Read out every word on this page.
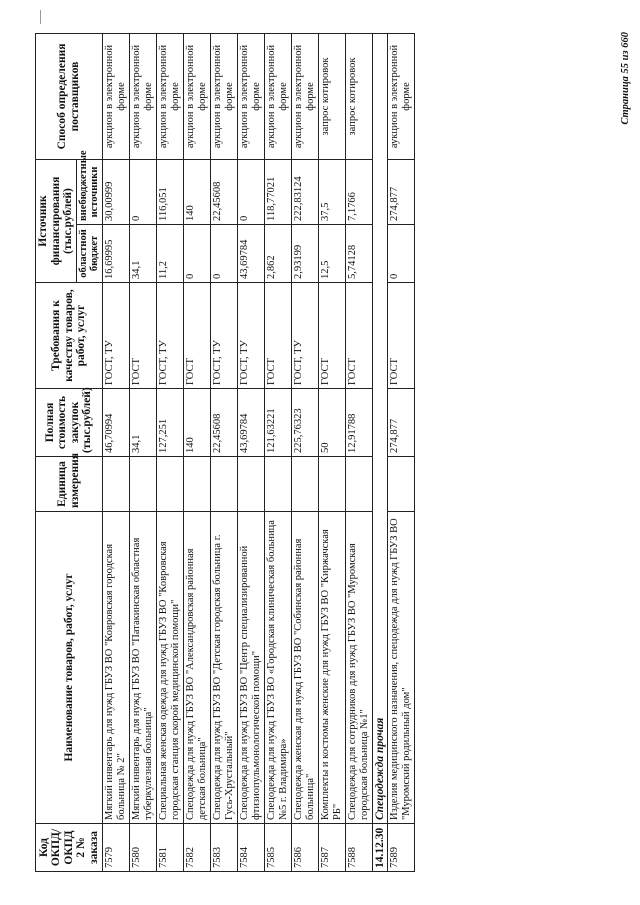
Код ОКПД/ ОКПД 2 № заказа	Наименование товаров, работ, услуг	Единица измерения	Полная стоимость закупок (тыс.рублей)	Требования к качеству товаров, работ, услуг	Источник финансирования (тыс.рублей)		Способ определения поставщиков
					областной бюджет	внебюджетные источники	
7579	Мягкий инвентарь для нужд ГБУЗ ВО "Ковровская городская больница № 2"		46,70994	ГОСТ, ТУ	16,69995	30,00999	аукцион в электронной форме
7580	Мягкий инвентарь для нужд ГБУЗ ВО "Патакинская областная туберкулезная больница"		34,1	ГОСТ	34,1	0	аукцион в электронной форме
7581	Специальная женская одежда для нужд ГБУЗ ВО "Ковровская городская станция скорой медицинской помощи"		127,251	ГОСТ, ТУ	11,2	116,051	аукцион в электронной форме
7582	Спецодежда для нужд ГБУЗ ВО "Александровская районная детская больница"		140	ГОСТ	0	140	аукцион в электронной форме
7583	Спецодежда для нужд ГБУЗ ВО "Детская городская больница г. Гусь-Хрустальный"		22,45608	ГОСТ, ТУ	0	22,45608	аукцион в электронной форме
7584	Спецодежда для нужд ГБУЗ ВО "Центр специализированной фтизиопульмонологической помощи"		43,69784	ГОСТ, ТУ	43,69784	0	аукцион в электронной форме
7585	Спецодежда для нужд ГБУЗ ВО «Городская клиническая больница №5 г. Владимира»		121,63221	ГОСТ	2,862	118,77021	аукцион в электронной форме
7586	Спецодежда женская для нужд ГБУЗ ВО "Собинская районная больница"		225,76323	ГОСТ, ТУ	2,93199	222,83124	аукцион в электронной форме
7587	Комплекты и костюмы женские для нужд ГБУЗ ВО "Киржачская РБ"		50	ГОСТ	12,5	37,5	запрос котировок
7588	Спецодежда для сотрудников для нужд ГБУЗ ВО "Муромская городская больница №1"		12,91788	ГОСТ	5,74128	7,1766	запрос котировок
14.12.30	Спецодежда прочая						
7589	Изделия медицинского назначения, спецодежда для нужд ГБУЗ ВО "Муромский родильный дом"		274,877	ГОСТ	0	274,877	аукцион в электронной форме	Страница 55 из 660
